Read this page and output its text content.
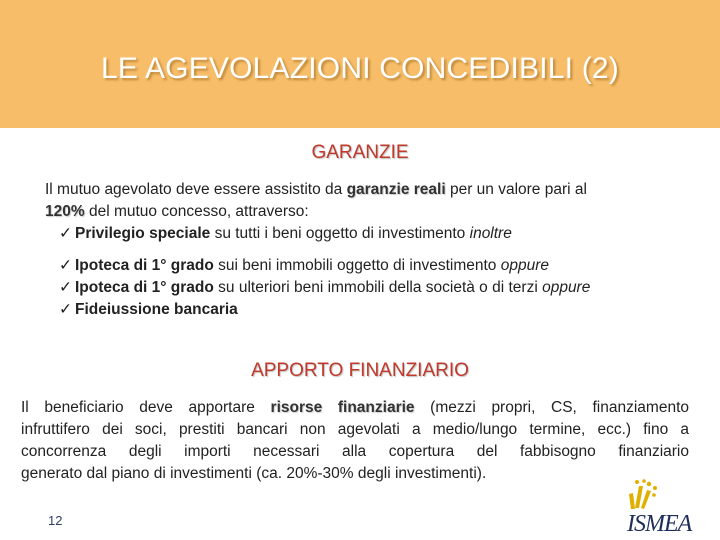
LE AGEVOLAZIONI CONCEDIBILI (2)
GARANZIE
Il mutuo agevolato deve essere assistito da garanzie reali per un valore pari al
120% del mutuo concesso, attraverso:
✓ Privilegio speciale su tutti i beni oggetto di investimento inoltre
✓ Ipoteca di 1° grado sui beni immobili oggetto di investimento oppure
✓ Ipoteca di 1° grado su ulteriori beni immobili della società o di terzi oppure
✓ Fideiussione bancaria
APPORTO FINANZIARIO
Il beneficiario deve apportare risorse finanziarie (mezzi propri, CS, finanziamento
infruttifero dei soci, prestiti bancari non agevolati a medio/lungo termine, ecc.) fino a
concorrenza degli importi necessari alla copertura del fabbisogno finanziario
generato dal piano di investimenti (ca. 20%-30% degli investimenti).
12	ISMEA
